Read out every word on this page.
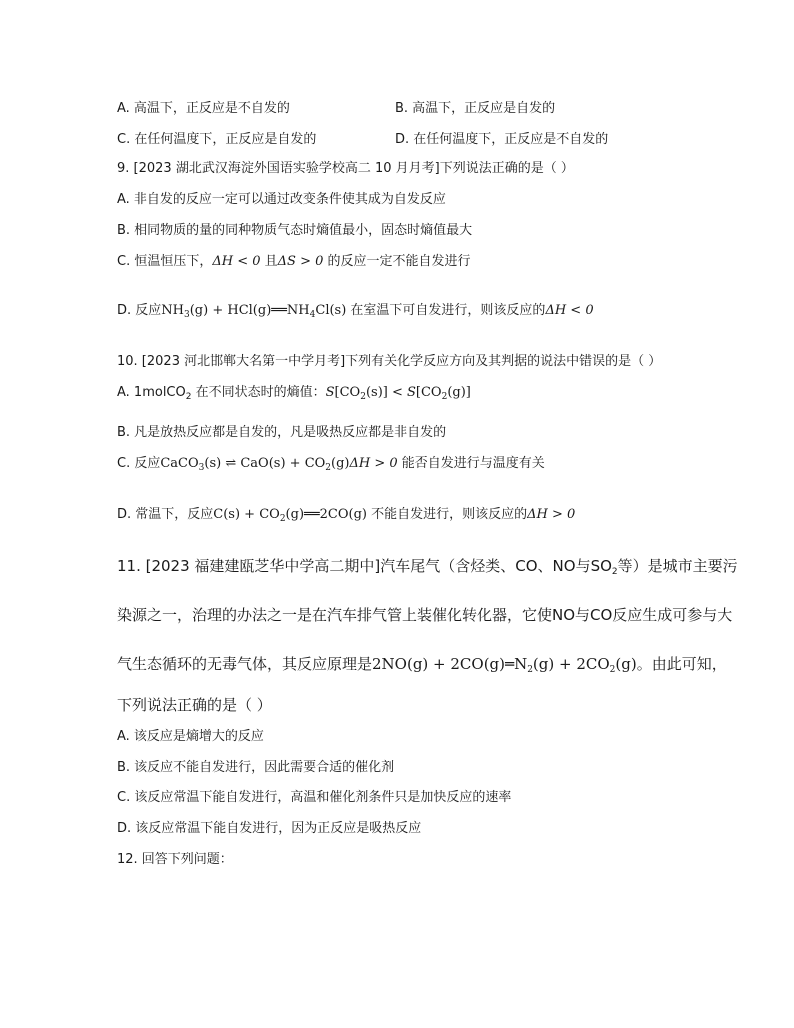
A. 高温下，正反应是不自发的	B. 高温下，正反应是自发的
C. 在任何温度下，正反应是自发的	D. 在任何温度下，正反应是不自发的
9. [2023 湖北武汉海淀外国语实验学校高二 10 月月考]下列说法正确的是（ ）
A. 非自发的反应一定可以通过改变条件使其成为自发反应
B. 相同物质的量的同种物质气态时熵值最小，固态时熵值最大
C. 恒温恒压下，ΔH < 0 且ΔS > 0 的反应一定不能自发进行
D. 反应$NH_3(g)$ + $HCl(g)══NH_4Cl(s)$ 在室温下可自发进行，则该反应的ΔH < 0
10. [2023 河北邯郸大名第一中学月考]下列有关化学反应方向及其判据的说法中错误的是（ ）
A. 1molCO$_2$ 在不同状态时的熵值：$S[CO_2(s)] < S[CO_2(g)]$
B. 凡是放热反应都是自发的，凡是吸热反应都是非自发的
C. 反应CaCO$_3$(s) ⇌ $CaO(s) + CO_2(g)\Delta H > 0$ 能否自发进行与温度有关
D. 常温下，反应$C(s) + CO_2(g)══2CO(g)$ 不能自发进行，则该反应的ΔH > 0
11. [2023 福建建瓯芝华中学高二期中]汽车尾气（含烃类、CO、NO与$SO_2$等）是城市主要污
染源之一，治理的办法之一是在汽车排气管上装催化转化器，它使NO与CO反应生成可参与大
气生态循环的无毒气体，其反应原理是$2NO(g) + 2CO(g)═N_2(g) + 2CO_2(g)$。由此可知，
下列说法正确的是（ ）
A. 该反应是熵增大的反应
B. 该反应不能自发进行，因此需要合适的催化剂
C. 该反应常温下能自发进行，高温和催化剂条件只是加快反应的速率
D. 该反应常温下能自发进行，因为正反应是吸热反应
12. 回答下列问题：
